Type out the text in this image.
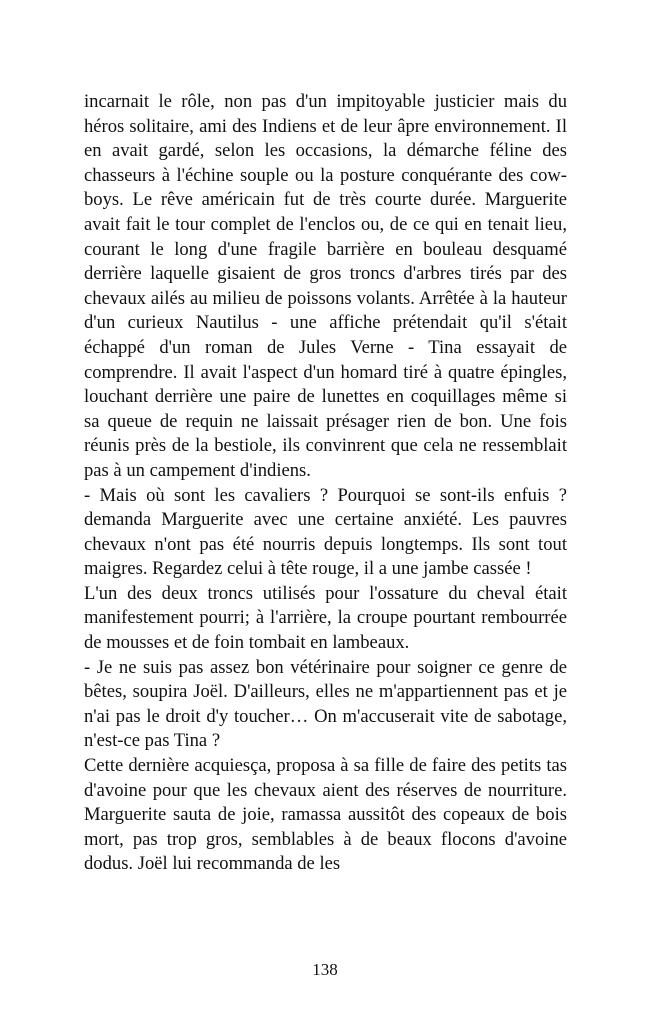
incarnait le rôle, non pas d'un impitoyable justicier mais du héros solitaire, ami des Indiens et de leur âpre environnement. Il en avait gardé, selon les occasions, la démarche féline des chasseurs à l'échine souple ou la posture conquérante des cow-boys. Le rêve américain fut de très courte durée. Marguerite avait fait le tour complet de l'enclos ou, de ce qui en tenait lieu, courant le long d'une fragile barrière en bouleau desquamé derrière laquelle gisaient de gros troncs d'arbres tirés par des chevaux ailés au milieu de poissons volants. Arrêtée à la hauteur d'un curieux Nautilus - une affiche prétendait qu'il s'était échappé d'un roman de Jules Verne - Tina essayait de comprendre. Il avait l'aspect d'un homard tiré à quatre épingles, louchant derrière une paire de lunettes en coquillages même si sa queue de requin ne laissait présager rien de bon. Une fois réunis près de la bestiole, ils convinrent que cela ne ressemblait pas à un campement d'indiens.

- Mais où sont les cavaliers ? Pourquoi se sont-ils enfuis ? demanda Marguerite avec une certaine anxiété. Les pauvres chevaux n'ont pas été nourris depuis longtemps. Ils sont tout maigres. Regardez celui à tête rouge, il a une jambe cassée !

L'un des deux troncs utilisés pour l'ossature du cheval était manifestement pourri; à l'arrière, la croupe pourtant rembourrée de mousses et de foin tombait en lambeaux.

- Je ne suis pas assez bon vétérinaire pour soigner ce genre de bêtes, soupira Joël. D'ailleurs, elles ne m'appartiennent pas et je n'ai pas le droit d'y toucher… On m'accuserait vite de sabotage, n'est-ce pas Tina ?

Cette dernière acquiesça, proposa à sa fille de faire des petits tas d'avoine pour que les chevaux aient des réserves de nourriture. Marguerite sauta de joie, ramassa aussitôt des copeaux de bois mort, pas trop gros, semblables à de beaux flocons d'avoine dodus. Joël lui recommanda de les

138
